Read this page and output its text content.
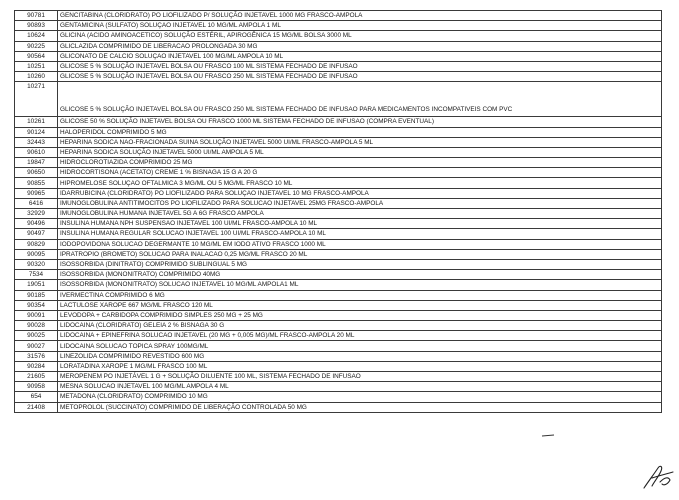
90781	GENCITABINA (CLORIDRATO) PO LIOFILIZADO P/ SOLUÇÃO INJETAVEL 1000 MG FRASCO-AMPOLA
90893	GENTAMICINA (SULFATO) SOLUÇAO INJETAVEL 10 MG/ML AMPOLA 1 ML
10624	GLICINA (ACIDO AMINOACETICO) SOLUÇÃO ESTÉRIL, APIROGÊNICA 15 MG/ML BOLSA 3000 ML
90225	GLICLAZIDA COMPRIMIDO DE LIBERACAO PROLONGADA 30 MG
90564	GLICONATO DE CALCIO SOLUÇAO INJETAVEL 100 MG/ML AMPOLA 10 ML
10251	GLICOSE 5 % SOLUÇÃO INJETAVEL BOLSA OU FRASCO 100 ML SISTEMA FECHADO DE INFUSAO
10260	GLICOSE 5 % SOLUÇÃO INJETAVEL BOLSA OU FRASCO 250 ML SISTEMA FECHADO DE INFUSAO
10271	GLICOSE 5 % SOLUÇÃO INJETAVEL BOLSA OU FRASCO 250 ML SISTEMA FECHADO DE INFUSAO PARA MEDICAMENTOS INCOMPATIVEIS COM PVC
10261	GLICOSE 50 % SOLUÇÃO INJETAVEL BOLSA OU FRASCO 1000 ML SISTEMA FECHADO DE INFUSAO (COMPRA EVENTUAL)
90124	HALOPERIDOL COMPRIMIDO 5 MG
32443	HEPARINA SODICA NAO-FRACIONADA SUINA SOLUÇÃO INJETAVEL 5000 UI/ML FRASCO-AMPOLA 5 ML
90610	HEPARINA SODICA SOLUÇÃO INJETAVEL 5000 UI/ML AMPOLA 5 ML
19847	HIDROCLOROTIAZIDA COMPRIMIDO 25 MG
90650	HIDROCORTISONA (ACETATO) CREME 1 % BISNAGA 15 G A 20 G
90855	HIPROMELOSE SOLUÇAO OFTALMICA 3 MG/ML OU 5 MG/ML FRASCO 10 ML
90965	IDARRUBICINA (CLORIDRATO) PO LIOFILIZADO PARA SOLUÇAO INJETAVEL 10 MG FRASCO-AMPOLA
6416	IMUNOGLOBULINA ANTITIMOCITOS PO LIOFILIZADO PARA SOLUCAO INJETAVEL 25MG FRASCO-AMPOLA
32929	IMUNOGLOBULINA HUMANA INJETAVEL 5G A 6G FRASCO AMPOLA
90496	INSULINA HUMANA NPH SUSPENSAO INJETAVEL 100 UI/ML FRASCO-AMPOLA 10 ML
90497	INSULINA HUMANA REGULAR SOLUCAO INJETAVEL 100 UI/ML FRASCO-AMPOLA 10 ML
90829	IODOPOVIDONA SOLUCAO DEGERMANTE 10 MG/ML EM IODO ATIVO FRASCO 1000 ML
90095	IPRATROPIO (BROMETO) SOLUCAO PARA INALACAO 0,25 MG/ML FRASCO 20 ML
90320	ISOSSORBIDA (DINITRATO) COMPRIMIDO SUBLINGUAL 5 MG
7534	ISOSSORBIDA (MONONITRATO) COMPRIMIDO 40MG
19051	ISOSSORBIDA (MONONITRATO) SOLUCAO INJETAVEL 10 MG/ML AMPOLA1 ML
90185	IVERMECTINA COMPRIMIDO 6 MG
90354	LACTULOSE XAROPE 667 MG/ML FRASCO 120 ML
90091	LEVODOPA + CARBIDOPA COMPRIMIDO SIMPLES 250 MG + 25 MG
90028	LIDOCAINA (CLORIDRATO) GELEIA 2 % BISNAGA 30 G
90025	LIDOCAINA + EPINEFRINA SOLUCAO INJETAVEL (20 MG + 0,005 MG)/ML FRASCO-AMPOLA 20 ML
90027	LIDOCAINA SOLUCAO TOPICA SPRAY 100MG/ML
31576	LINEZOLIDA COMPRIMIDO REVESTIDO 600 MG
90284	LORATADINA XAROPE 1 MG/ML FRASCO 100 ML
21605	MEROPENEM PO INJETÁVEL 1 G + SOLUÇÃO DILUENTE 100 ML, SISTEMA FECHADO DE INFUSAO
90958	MESNA SOLUCAO INJETAVEL 100 MG/ML AMPOLA 4 ML
654	METADONA (CLORIDRATO) COMPRIMIDO 10 MG
21408	METOPROLOL (SUCCINATO) COMPRIMIDO DE LIBERAÇÃO CONTROLADA 50 MG
